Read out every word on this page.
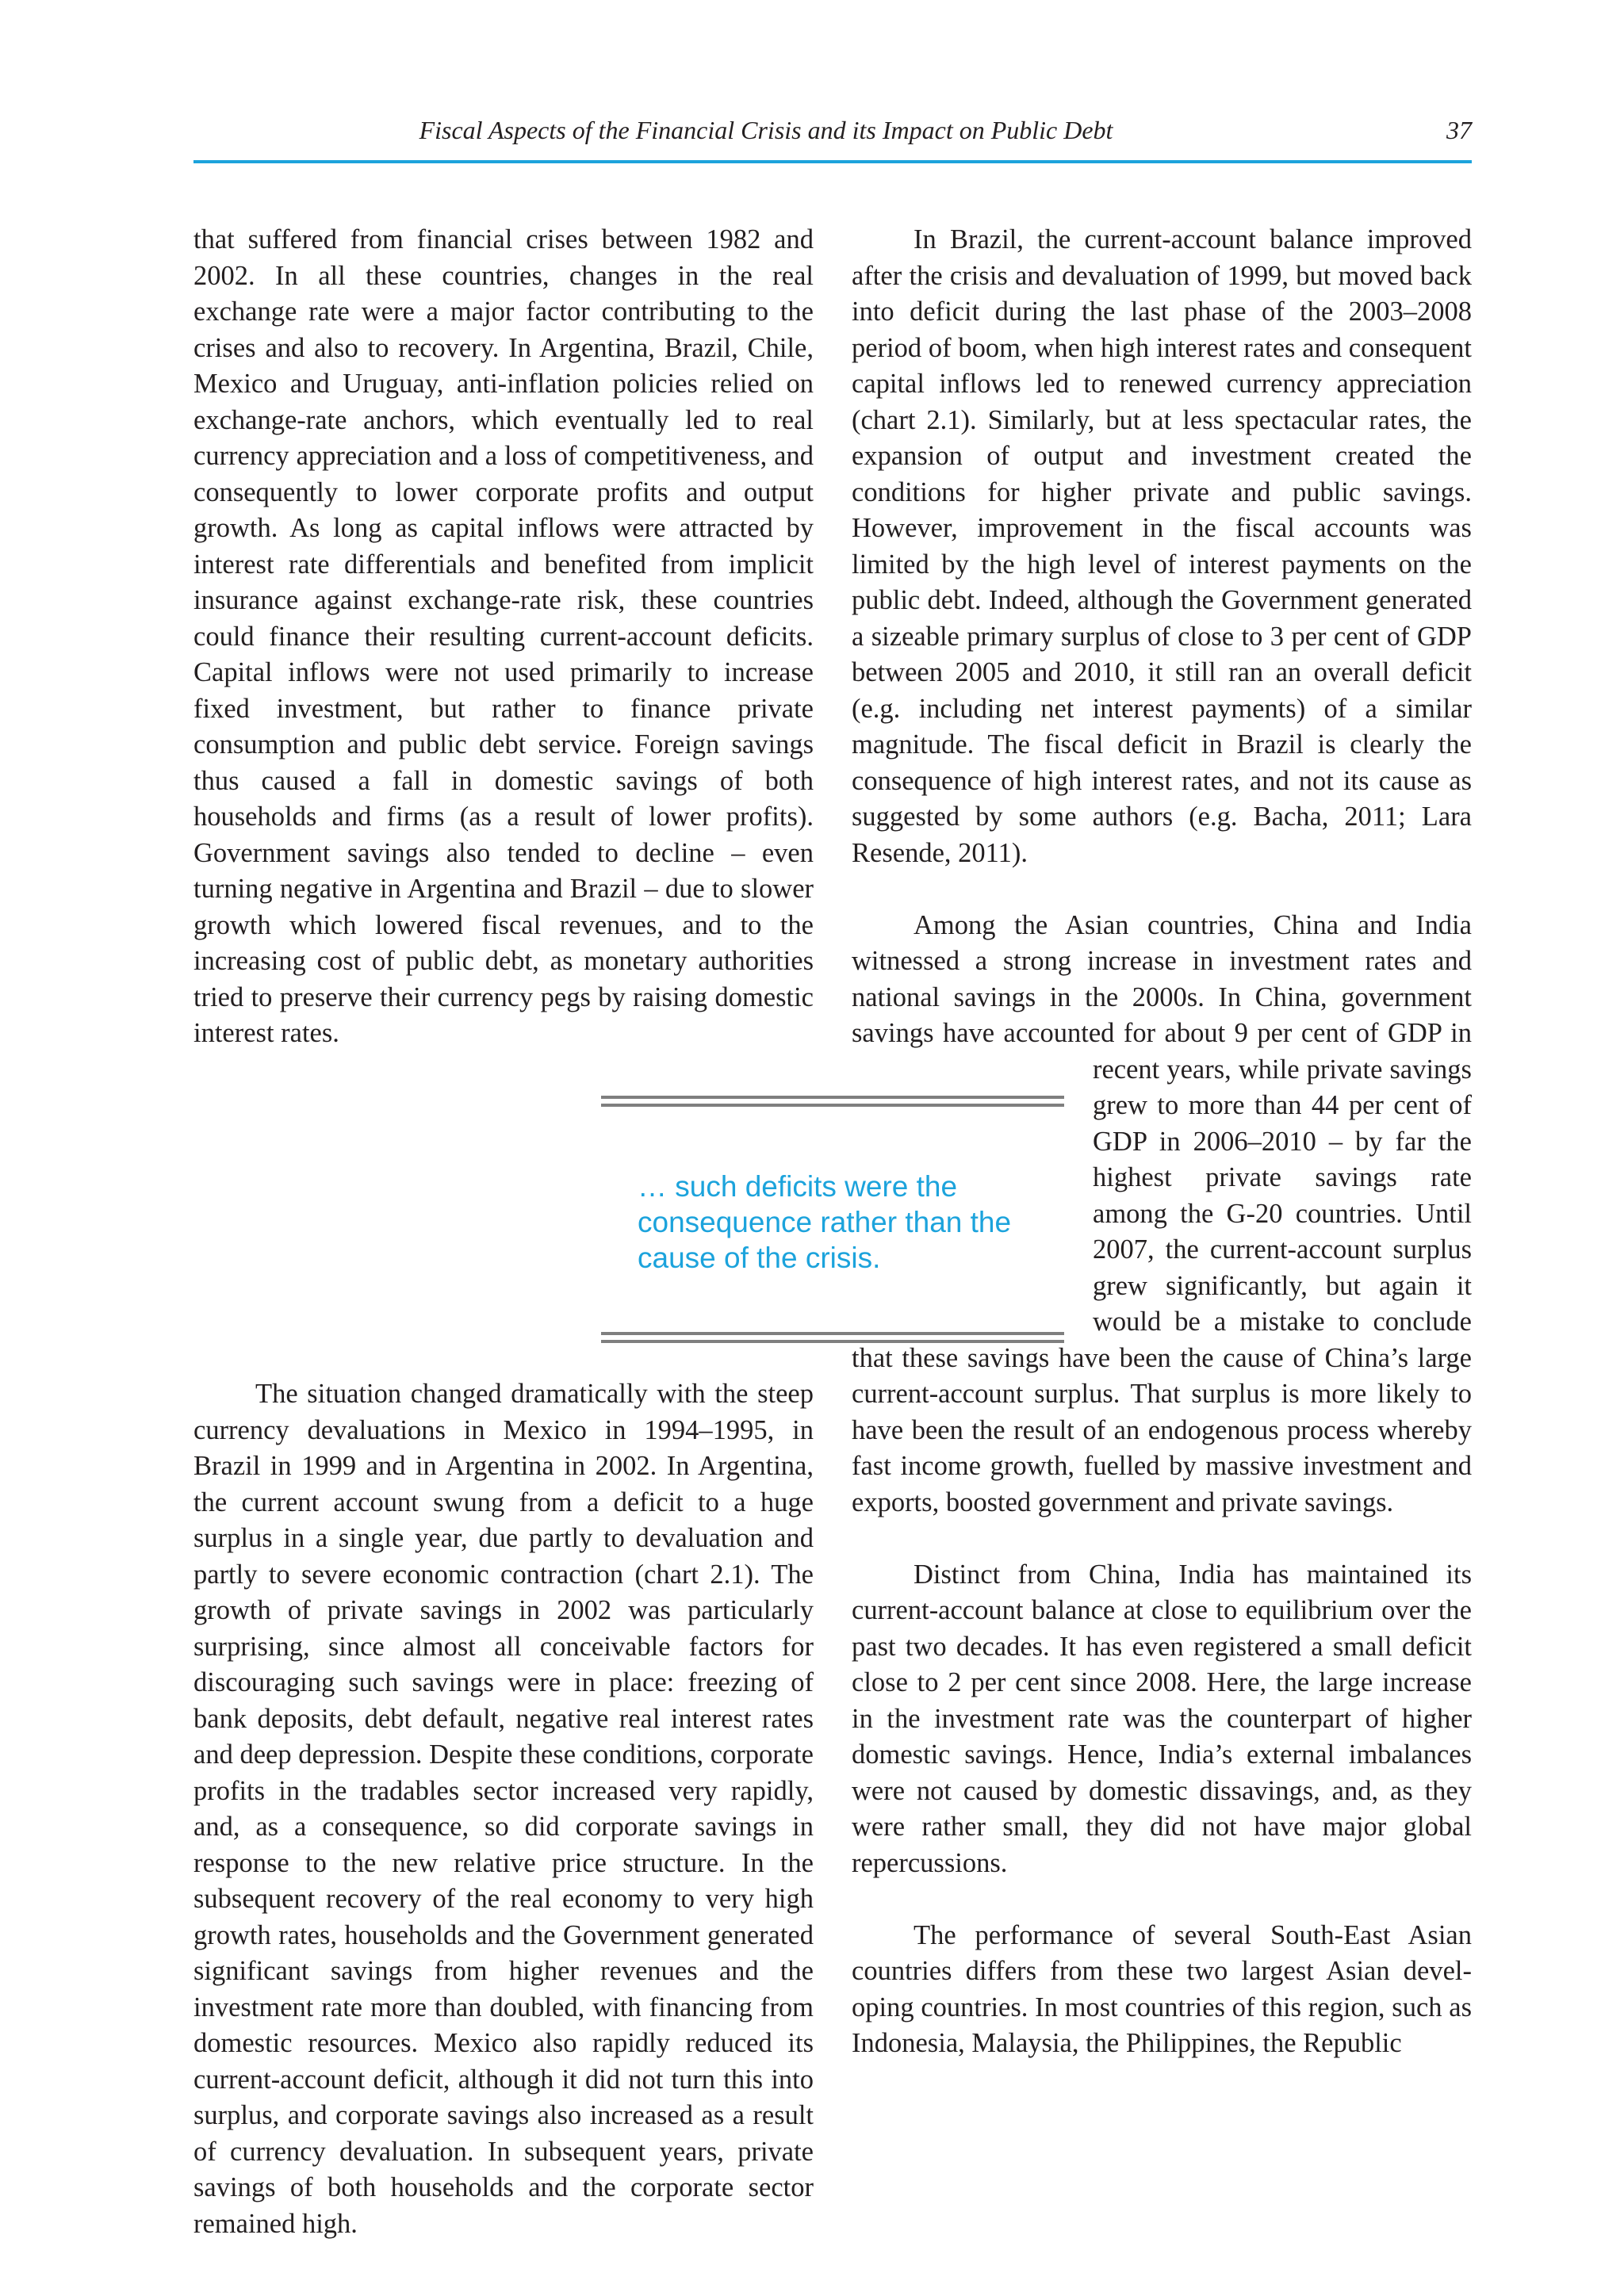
Fiscal Aspects of the Financial Crisis and its Impact on Public Debt	37

that suffered from financial crises between 1982 and 2002. In all these countries, changes in the real exchange rate were a major factor contributing to the crises and also to recovery. In Argentina, Brazil, Chile, Mexico and Uruguay, anti-inflation policies relied on exchange-rate anchors, which eventually led to real currency appreciation and a loss of competitiveness, and consequently to lower corporate profits and output growth. As long as capital inflows were attracted by interest rate differentials and benefited from implicit insurance against exchange-rate risk, these countries could finance their resulting current-account deficits. Capital inflows were not used primarily to increase fixed investment, but rather to finance private consumption and public debt service. Foreign savings thus caused a fall in domestic savings of both households and firms (as a result of lower profits). Government savings also tended to decline – even turning negative in Argentina and Brazil – due to slower growth which lowered fiscal revenues, and to the increasing cost of public debt, as monetary authorities tried to preserve their currency pegs by raising domestic interest rates.

The situation changed dramatically with the steep currency devaluations in Mexico in 1994–1995, in Brazil in 1999 and in Argentina in 2002. In Argentina, the current account swung from a deficit to a huge surplus in a single year, due partly to devaluation and partly to severe economic contraction (chart 2.1). The growth of private savings in 2002 was particularly surprising, since almost all conceivable factors for discouraging such savings were in place: freezing of bank deposits, debt default, negative real interest rates and deep depression. Despite these conditions, corporate profits in the tradables sector increased very rapidly, and, as a consequence, so did corporate savings in response to the new relative price structure. In the subsequent recovery of the real economy to very high growth rates, households and the Government generated significant savings from higher revenues and the investment rate more than doubled, with financing from domestic resources. Mexico also rapidly reduced its current-account deficit, although it did not turn this into surplus, and corporate savings also increased as a result of currency devaluation. In subsequent years, private savings of both households and the corporate sector remained high.

In Brazil, the current-account balance improved after the crisis and devaluation of 1999, but moved back into deficit during the last phase of the 2003–2008 period of boom, when high interest rates and consequent capital inflows led to renewed currency appreciation (chart 2.1). Similarly, but at less spectacular rates, the expansion of output and investment created the conditions for higher private and public savings. However, improvement in the fiscal accounts was limited by the high level of interest payments on the public debt. Indeed, although the Government generated a sizeable primary surplus of close to 3 per cent of GDP between 2005 and 2010, it still ran an overall deficit (e.g. including net interest payments) of a similar magnitude. The fiscal deficit in Brazil is clearly the consequence of high interest rates, and not its cause as suggested by some authors (e.g. Bacha, 2011; Lara Resende, 2011).

Among the Asian countries, China and India witnessed a strong increase in investment rates and national savings in the 2000s. In China, government savings have accounted for about 9 per cent of GDP in
recent years, while private savings grew to more than 44 per cent of GDP in 2006–2010 – by far the highest private savings rate among the G-20 countries. Until 2007, the current-account surplus grew significantly, but again it would be a mistake to conclude that these savings have been the cause of China’s large current-account surplus. That surplus is more likely to have been the result of an endogenous process whereby fast income growth, fuelled by massive investment and exports, boosted government and private savings.

Distinct from China, India has maintained its current-account balance at close to equilibrium over the past two decades. It has even registered a small deficit close to 2 per cent since 2008. Here, the large increase in the investment rate was the counterpart of higher domestic savings. Hence, India’s external imbalances were not caused by domestic dissavings, and, as they were rather small, they did not have major global repercussions.

The performance of several South-East Asian countries differs from these two largest Asian developing countries. In most countries of this region, such as Indonesia, Malaysia, the Philippines, the Republic

… such deficits were the consequence rather than the cause of the crisis.
